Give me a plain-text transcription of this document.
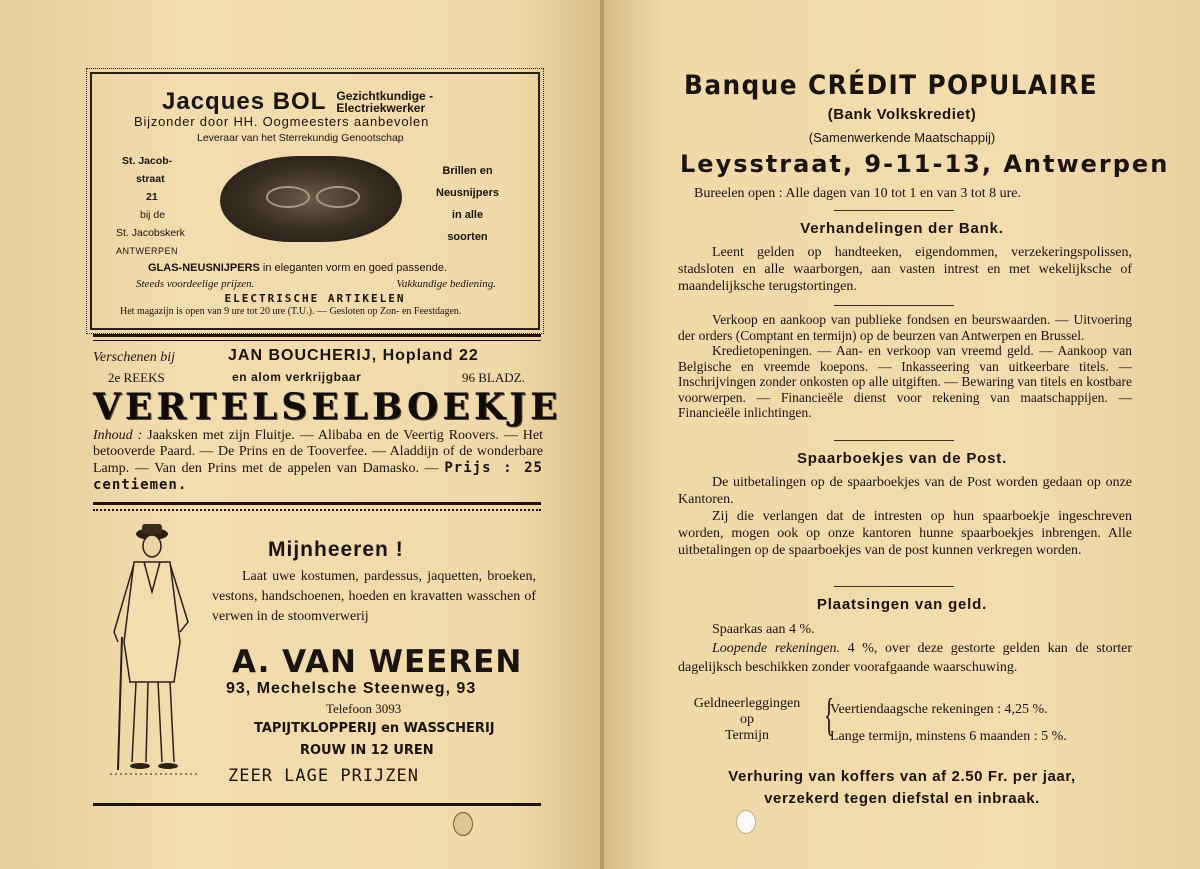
Jacques BOL Gezichtkundige -
Electriekwerker
Bijzonder door HH. Oogmeesters aanbevolen
Leveraar van het Sterrekundig Genootschap
St. Jacob-
straat
21
bij de
St. Jacobskerk
ANTWERPEN
Brillen en
Neusnijpers
in alle
soorten
GLAS-NEUSNIJPERS in eleganten vorm en goed passende.
Steeds voordeelige prijzen.	Vakkundige bediening.
ELECTRISCHE ARTIKELEN
Het magazijn is open van 9 ure tot 20 ure (T.U.). — Gesloten op Zon- en Feestdagen.
Verschenen bij	JAN BOUCHERIJ, Hopland 22
2e REEKS	en alom verkrijgbaar	96 BLADZ.
VERTELSELBOEKJE
Inhoud : Jaaksken met zijn Fluitje. — Alibaba en de Veertig Roovers. — Het betooverde Paard. — De Prins en de Tooverfee. — Aladdijn of de wonderbare Lamp. — Van den Prins met de appelen van Damasko. — Prijs : 25 centiemen.
Mijnheeren !
Laat uwe kostumen, pardessus, jaquetten, broeken, vestons, handschoenen, hoeden en kravatten wasschen of verwen in de stoomverwerij
A. VAN WEEREN
93, Mechelsche Steenweg, 93
Telefoon 3093
TAPIJTKLOPPERIJ en WASSCHERIJ
ROUW IN 12 UREN
ZEER LAGE PRIJZEN
Banque CRÉDIT POPULAIRE
(Bank Volkskrediet)
(Samenwerkende Maatschappij)
Leysstraat, 9-11-13, Antwerpen
Bureelen open : Alle dagen van 10 tot 1 en van 3 tot 8 ure.
Verhandelingen der Bank.
Leent gelden op handteeken, eigendommen, verzekeringspolissen, stadsloten en alle waarborgen, aan vasten intrest en met wekelijksche of maandelijksche terugstortingen.
Verkoop en aankoop van publieke fondsen en beurswaarden. — Uitvoering der orders (Comptant en termijn) op de beurzen van Antwerpen en Brussel.
Kredietopeningen. — Aan- en verkoop van vreemd geld. — Aankoop van Belgische en vreemde koepons. — Inkasseering van uitkeerbare titels. — Inschrijvingen zonder onkosten op alle uitgiften. — Bewaring van titels en kostbare voorwerpen. — Financieële dienst voor rekening van maatschappijen. — Financieële inlichtingen.
Spaarboekjes van de Post.
De uitbetalingen op de spaarboekjes van de Post worden gedaan op onze Kantoren.
Zij die verlangen dat de intresten op hun spaarboekje ingeschreven worden, mogen ook op onze kantoren hunne spaarboekjes inbrengen. Alle uitbetalingen op de spaarboekjes van de post kunnen verkregen worden.
Plaatsingen van geld.
Spaarkas aan 4 %.
Loopende rekeningen. 4 %, over deze gestorte gelden kan de storter dagelijksch beschikken zonder voorafgaande waarschuwing.
Geldneerleggingen
op
Termijn	{
Veertiendaagsche rekeningen : 4,25 %.
Lange termijn, minstens 6 maanden : 5 %.
Verhuring van koffers van af 2.50 Fr. per jaar,
verzekerd tegen diefstal en inbraak.
